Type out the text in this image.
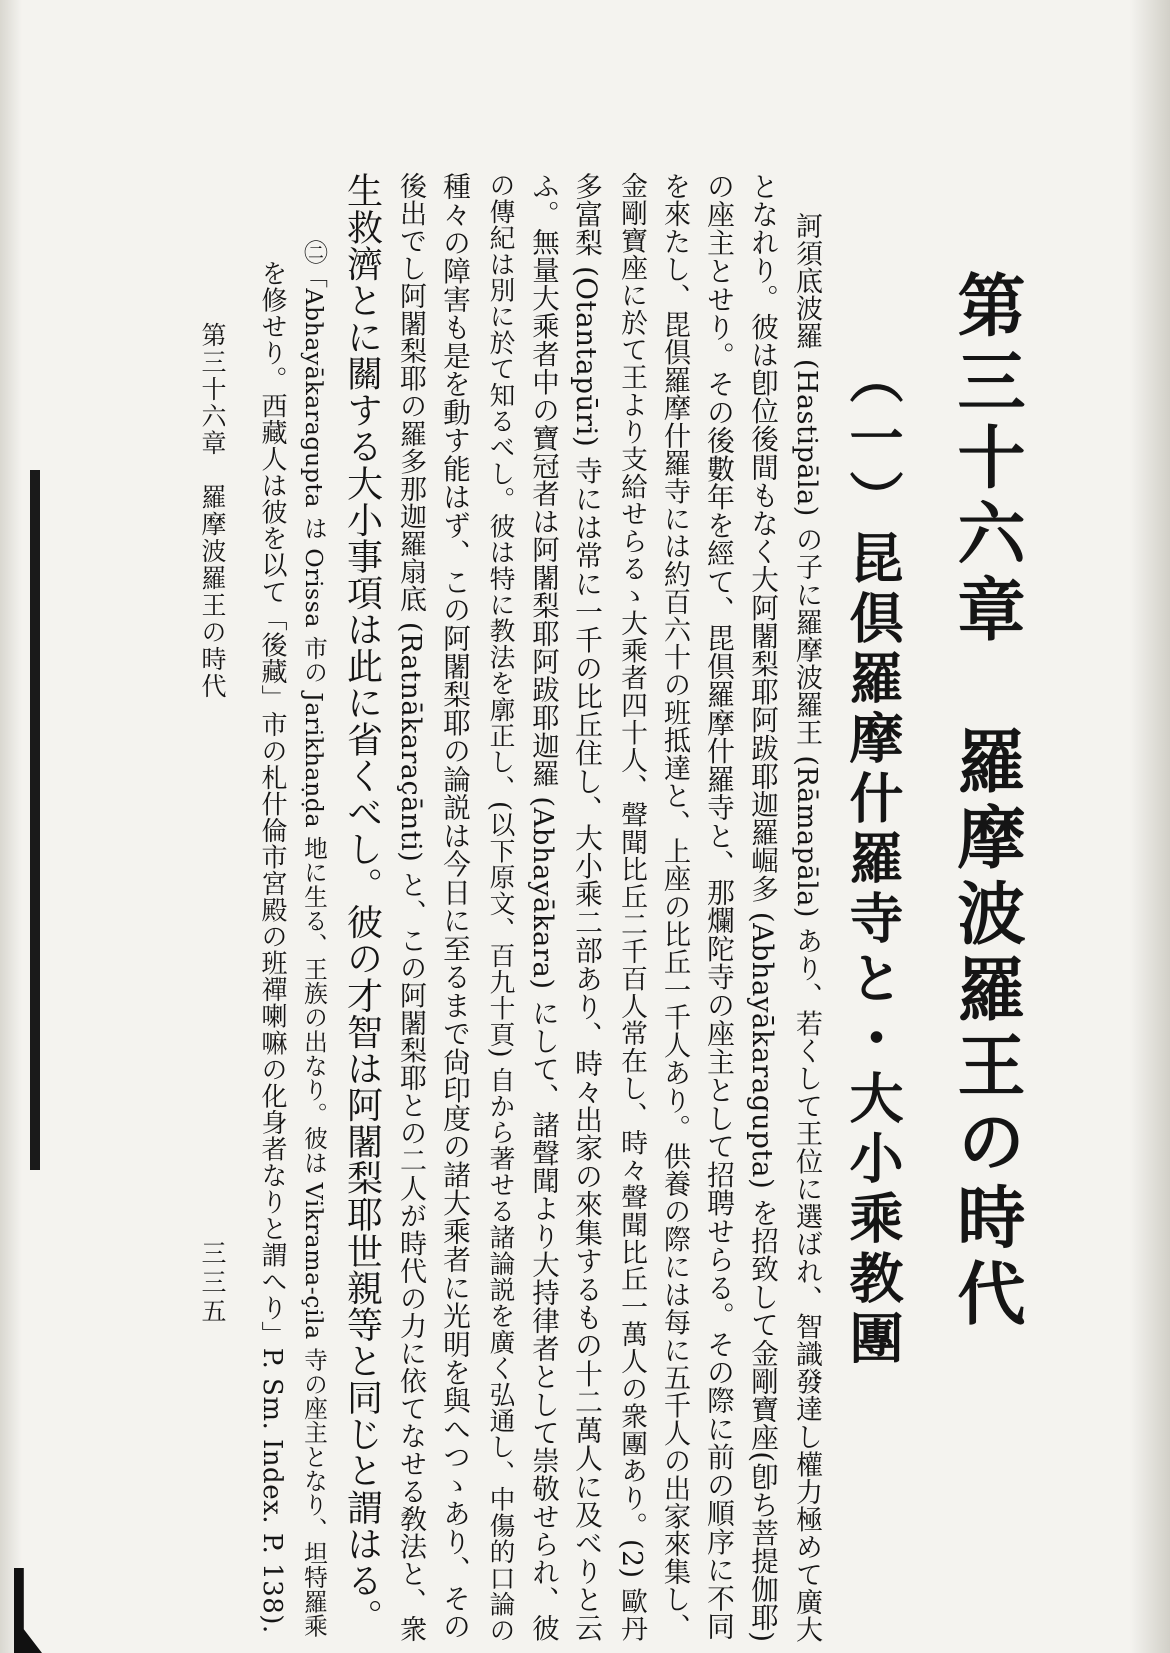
第三十六章　羅摩波羅王の時代
（一）昆倶羅摩什羅寺と・大小乘教團
訶須底波羅 (Hastipāla) の子に羅摩波羅王 (Rāmapāla) あり、若くして王位に選ばれ、智識發達し權力極めて廣大
となれり。彼は卽位後間もなく大阿闍梨耶阿跋耶迦羅崛多 (Abhayākaragupta) を招致して金剛寶座(卽ち菩提伽耶)
の座主とせり。その後數年を經て、毘倶羅摩什羅寺と、那爛陀寺の座主として招聘せらる。その際に前の順序に不同
を來たし、毘倶羅摩什羅寺には約百六十の班抵達と、上座の比丘一千人あり。供養の際には每に五千人の出家來集し、
金剛寶座に於て王より支給せらるゝ大乘者四十人、聲聞比丘二千百人常在し、時々聲聞比丘一萬人の衆團あり。(2) 歐丹
多富梨 (Otantapūri) 寺には常に一千の比丘住し、大小乘二部あり、時々出家の來集するもの十二萬人に及べりと云
ふ。無量大乘者中の寶冠者は阿闍梨耶阿跋耶迦羅 (Abhayākara) にして、諸聲聞より大持律者として崇敬せられ、彼
の傳紀は別に於て知るべし。彼は特に教法を廓正し、(以下原文、百九十頁) 自から著せる諸論説を廣く弘通し、中傷的口論の
種々の障害も是を動す能はず、この阿闍梨耶の論説は今日に至るまで尙印度の諸大乘者に光明を與へつゝあり、その
後出でし阿闍梨耶の羅多那迦羅扇底 (Ratnākaraçānti) と、この阿闍梨耶との二人が時代の力に依てなせる敎法と、衆
生救濟とに關する大小事項は此に省くべし。彼の才智は阿闍梨耶世親等と同じと謂はる。
㊁「Abhayākaragupta は Orissa 市の Jarikhaṇḍa 地に生る、王族の出なり。彼は Vikrama-çila 寺の座主となり、坦特羅乘
を修せり。西藏人は彼を以て「後藏」市の札什倫市宮殿の班禪喇嘛の化身者なりと謂へり」P. Sm. Index. P. 138).
第三十六章　羅摩波羅王の時代
三三五
